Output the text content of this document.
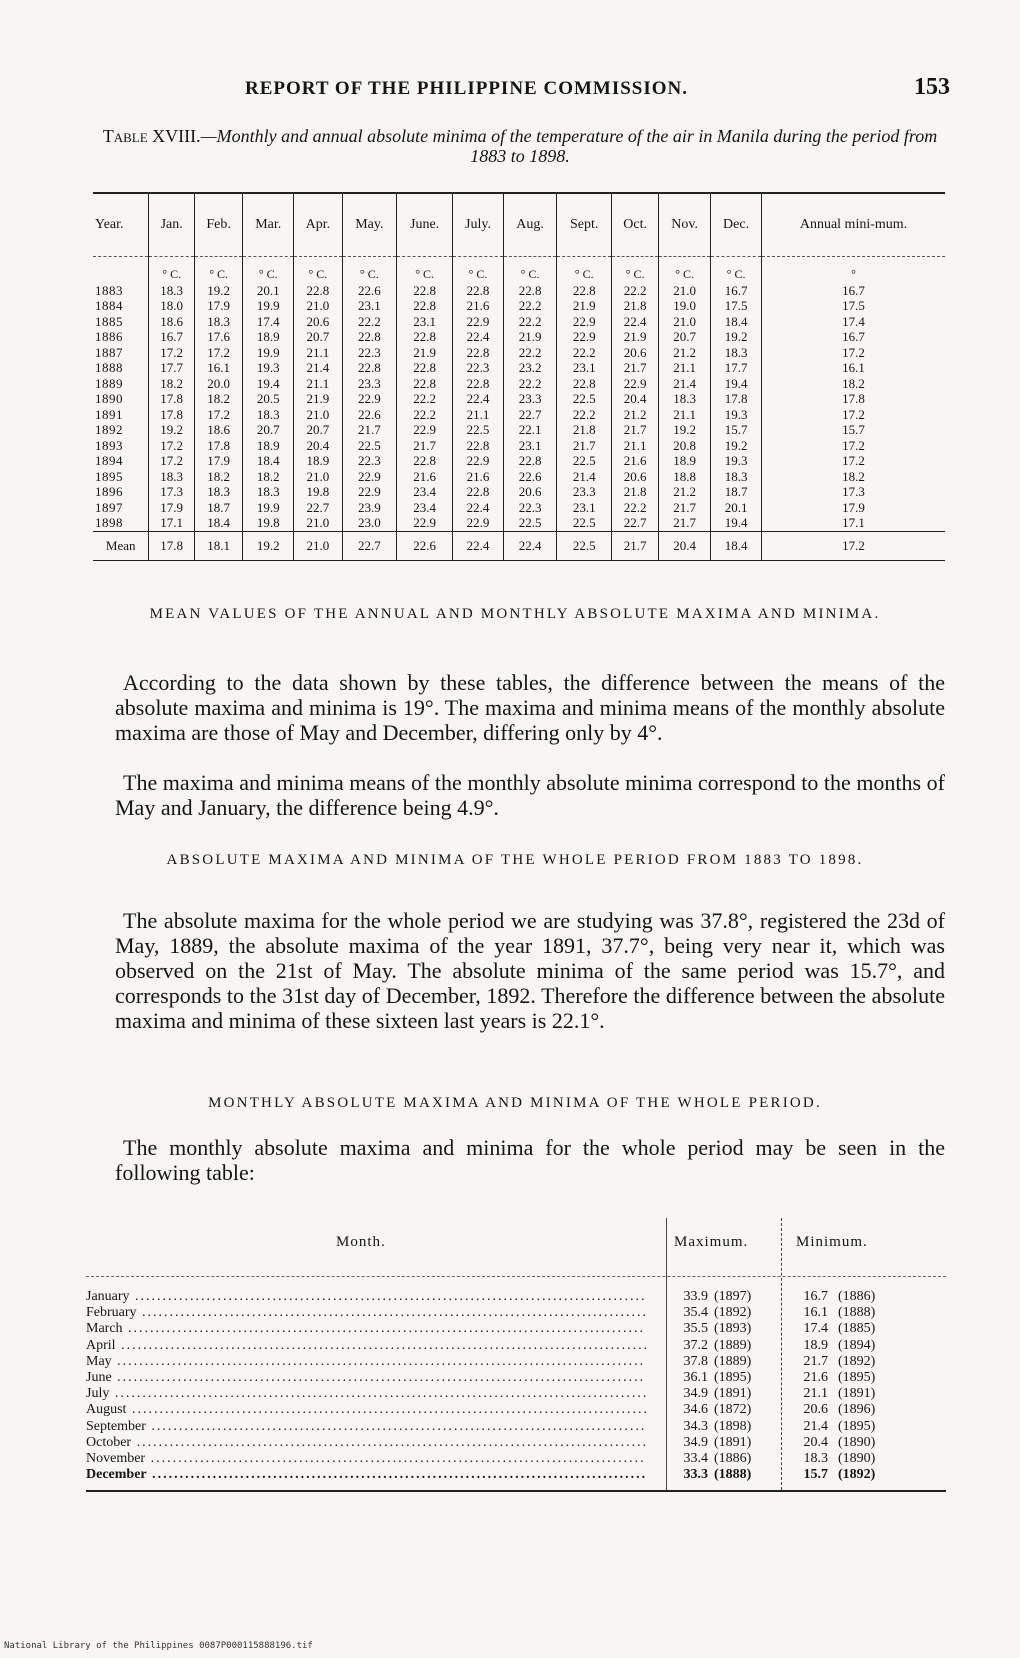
REPORT OF THE PHILIPPINE COMMISSION.	153
Table XVIII.—Monthly and annual absolute minima of the temperature of the air in Manila during the period from 1883 to 1898.
Year.	Jan.	Feb.	Mar.	Apr.	May.	June.	July.	Aug.	Sept.	Oct.	Nov.	Dec.	Annual mini-mum.
	° C.	° C.	° C.	° C.	° C.	° C.	° C.	° C.	° C.	° C.	° C.	° C.	°
1883	18.3	19.2	20.1	22.8	22.6	22.8	22.8	22.8	22.8	22.2	21.0	16.7	16.7
1884	18.0	17.9	19.9	21.0	23.1	22.8	21.6	22.2	21.9	21.8	19.0	17.5	17.5
1885	18.6	18.3	17.4	20.6	22.2	23.1	22.9	22.2	22.9	22.4	21.0	18.4	17.4
1886	16.7	17.6	18.9	20.7	22.8	22.8	22.4	21.9	22.9	21.9	20.7	19.2	16.7
1887	17.2	17.2	19.9	21.1	22.3	21.9	22.8	22.2	22.2	20.6	21.2	18.3	17.2
1888	17.7	16.1	19.3	21.4	22.8	22.8	22.3	23.2	23.1	21.7	21.1	17.7	16.1
1889	18.2	20.0	19.4	21.1	23.3	22.8	22.8	22.2	22.8	22.9	21.4	19.4	18.2
1890	17.8	18.2	20.5	21.9	22.9	22.2	22.4	23.3	22.5	20.4	18.3	17.8	17.8
1891	17.8	17.2	18.3	21.0	22.6	22.2	21.1	22.7	22.2	21.2	21.1	19.3	17.2
1892	19.2	18.6	20.7	20.7	21.7	22.9	22.5	22.1	21.8	21.7	19.2	15.7	15.7
1893	17.2	17.8	18.9	20.4	22.5	21.7	22.8	23.1	21.7	21.1	20.8	19.2	17.2
1894	17.2	17.9	18.4	18.9	22.3	22.8	22.9	22.8	22.5	21.6	18.9	19.3	17.2
1895	18.3	18.2	18.2	21.0	22.9	21.6	21.6	22.6	21.4	20.6	18.8	18.3	18.2
1896	17.3	18.3	18.3	19.8	22.9	23.4	22.8	20.6	23.3	21.8	21.2	18.7	17.3
1897	17.9	18.7	19.9	22.7	23.9	23.4	22.4	22.3	23.1	22.2	21.7	20.1	17.9
1898	17.1	18.4	19.8	21.0	23.0	22.9	22.9	22.5	22.5	22.7	21.7	19.4	17.1
Mean	17.8	18.1	19.2	21.0	22.7	22.6	22.4	22.4	22.5	21.7	20.4	18.4	17.2
MEAN VALUES OF THE ANNUAL AND MONTHLY ABSOLUTE MAXIMA AND MINIMA.
According to the data shown by these tables, the difference between the means of the absolute maxima and minima is 19°. The maxima and minima means of the monthly absolute maxima are those of May and December, differing only by 4°.
The maxima and minima means of the monthly absolute minima correspond to the months of May and January, the difference being 4.9°.
ABSOLUTE MAXIMA AND MINIMA OF THE WHOLE PERIOD FROM 1883 TO 1898.
The absolute maxima for the whole period we are studying was 37.8°, registered the 23d of May, 1889, the absolute maxima of the year 1891, 37.7°, being very near it, which was observed on the 21st of May. The absolute minima of the same period was 15.7°, and corresponds to the 31st day of December, 1892. Therefore the difference between the absolute maxima and minima of these sixteen last years is 22.1°.
MONTHLY ABSOLUTE MAXIMA AND MINIMA OF THE WHOLE PERIOD.
The monthly absolute maxima and minima for the whole period may be seen in the following table:
Month.	Maximum.	Minimum.
January .....	33.9 (1897)	16.7 (1886)
February .....	35.4 (1892)	16.1 (1888)
March .....	35.5 (1893)	17.4 (1885)
April .....	37.2 (1889)	18.9 (1894)
May .....	37.8 (1889)	21.7 (1892)
June .....	36.1 (1895)	21.6 (1895)
July .....	34.9 (1891)	21.1 (1891)
August .....	34.6 (1872)	20.6 (1896)
September .....	34.3 (1898)	21.4 (1895)
October .....	34.9 (1891)	20.4 (1890)
November .....	33.4 (1886)	18.3 (1890)
December .....	33.3 (1888)	15.7 (1892)
National Library of the Philippines 0087P000115888196.tif
